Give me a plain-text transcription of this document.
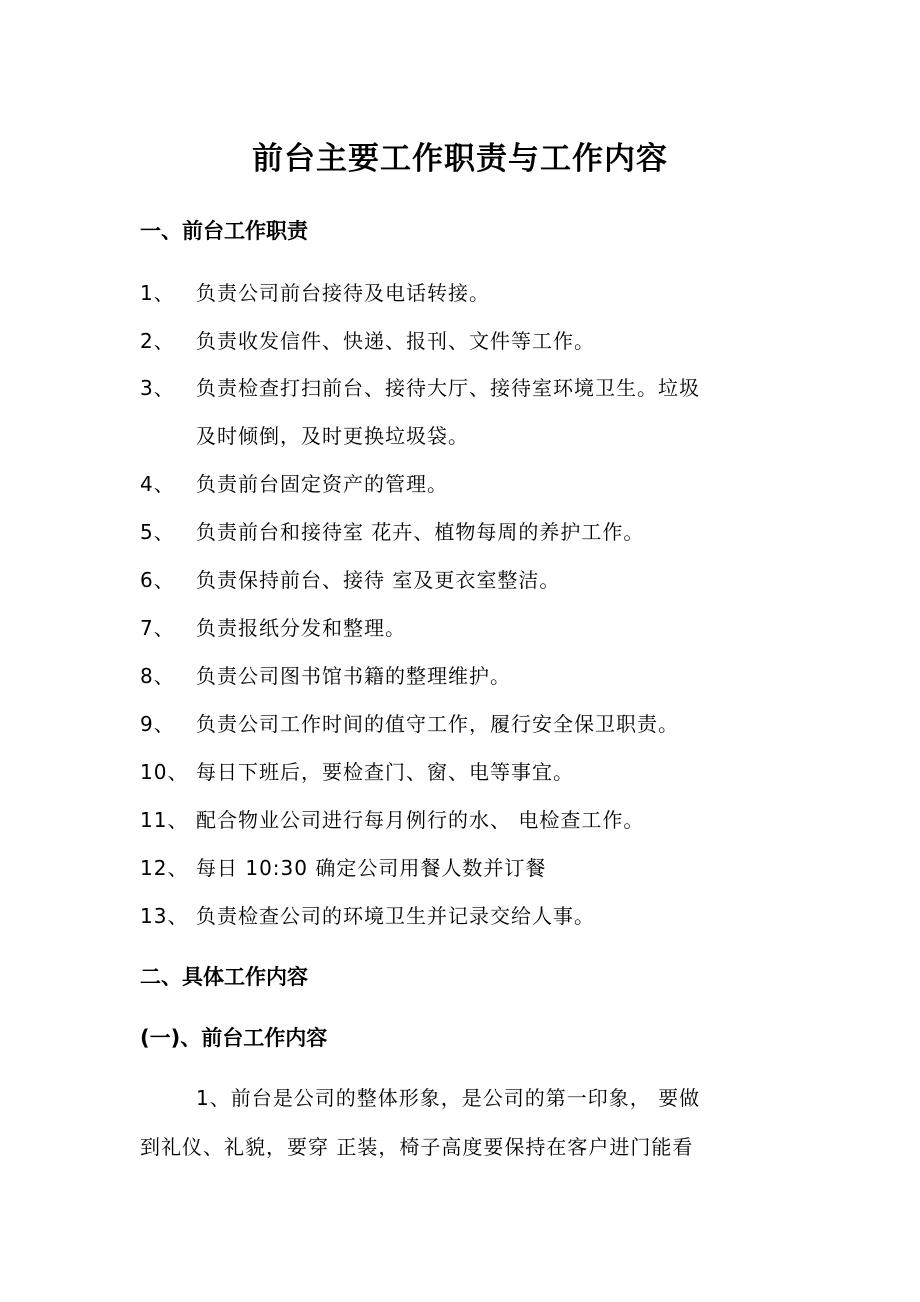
前台主要工作职责与工作内容
一、前台工作职责
1、 负责公司前台接待及电话转接。
2、 负责收发信件、快递、报刊、文件等工作。
3、 负责检查打扫前台、接待大厅、接待室环境卫生。垃圾
及时倾倒，及时更换垃圾袋。
4、 负责前台固定资产的管理。
5、 负责前台和接待室 花卉、植物每周的养护工作。
6、 负责保持前台、接待 室及更衣室整洁。
7、 负责报纸分发和整理。
8、 负责公司图书馆书籍的整理维护。
9、 负责公司工作时间的值守工作，履行安全保卫职责。
10、 每日下班后，要检查门、窗、电等事宜。
11、 配合物业公司进行每月例行的水、 电检查工作。
12、 每日 10:30 确定公司用餐人数并订餐
13、 负责检查公司的环境卫生并记录交给人事。
二、具体工作内容
(一)、前台工作内容
1、前台是公司的整体形象，是公司的第一印象， 要做
到礼仪、礼貌，要穿 正装，椅子高度要保持在客户进门能看
